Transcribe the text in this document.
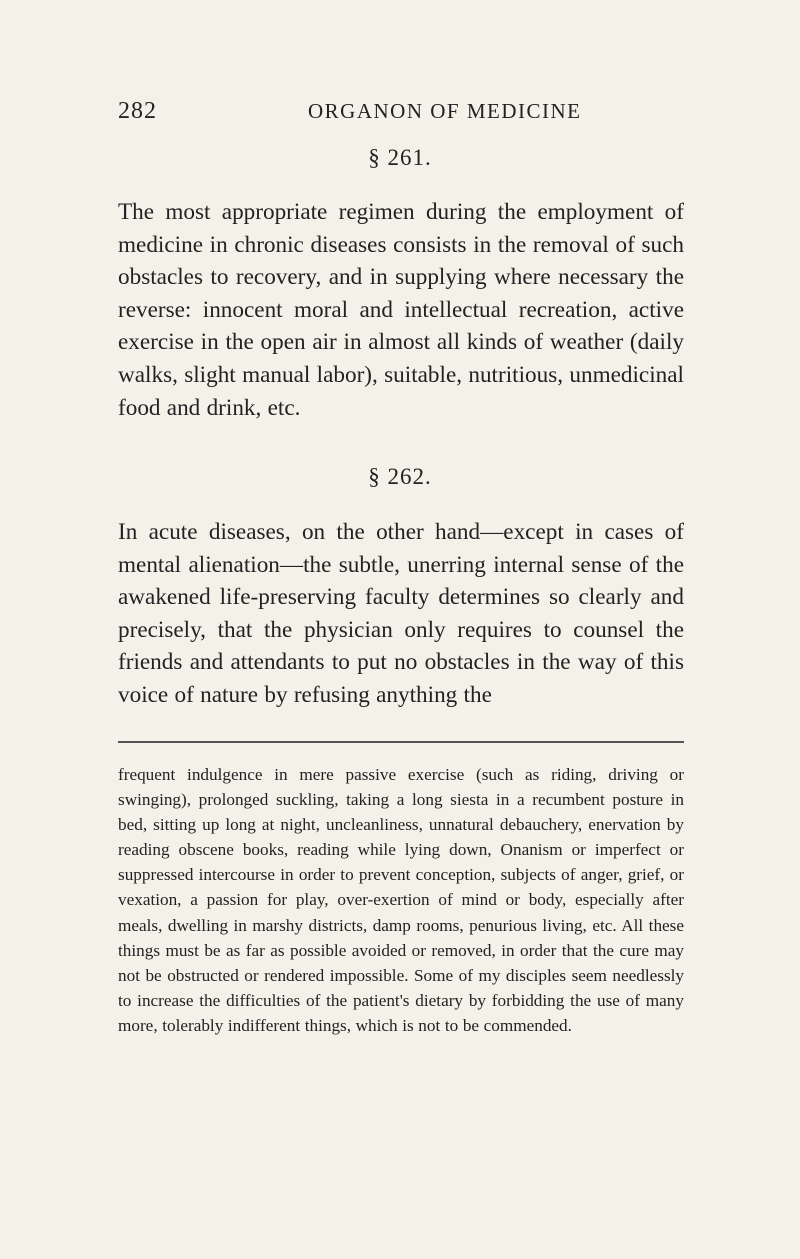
282	ORGANON OF MEDICINE
§ 261.

The most appropriate regimen during the employment of medicine in chronic diseases consists in the removal of such obstacles to recovery, and in supplying where necessary the reverse: innocent moral and intellectual recreation, active exercise in the open air in almost all kinds of weather (daily walks, slight manual labor), suitable, nutritious, unmedicinal food and drink, etc.

§ 262.

In acute diseases, on the other hand—except in cases of mental alienation—the subtle, unerring internal sense of the awakened life-preserving faculty determines so clearly and precisely, that the physician only requires to counsel the friends and attendants to put no obstacles in the way of this voice of nature by refusing anything the

frequent indulgence in mere passive exercise (such as riding, driving or swinging), prolonged suckling, taking a long siesta in a recumbent posture in bed, sitting up long at night, uncleanliness, unnatural debauchery, enervation by reading obscene books, reading while lying down, Onanism or imperfect or suppressed intercourse in order to prevent conception, subjects of anger, grief, or vexation, a passion for play, over-exertion of mind or body, especially after meals, dwelling in marshy districts, damp rooms, penurious living, etc. All these things must be as far as possible avoided or removed, in order that the cure may not be obstructed or rendered impossible. Some of my disciples seem needlessly to increase the difficulties of the patient's dietary by forbidding the use of many more, tolerably indifferent things, which is not to be commended.
